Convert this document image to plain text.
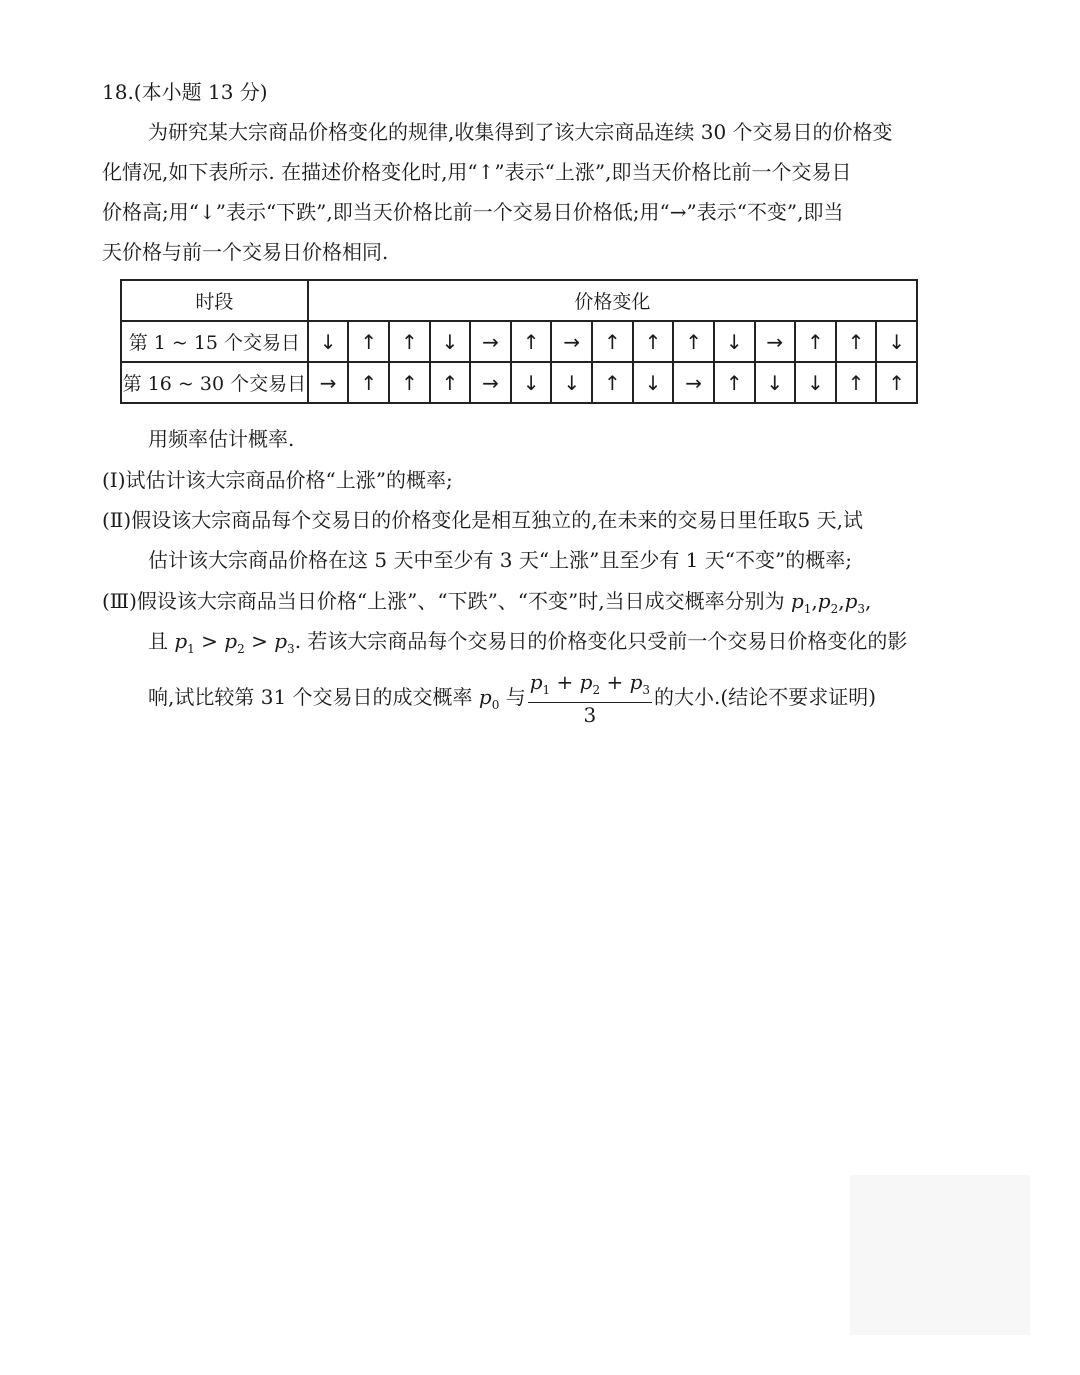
18.(本小题 13 分)
为研究某大宗商品价格变化的规律,收集得到了该大宗商品连续 30 个交易日的价格变
化情况,如下表所示. 在描述价格变化时,用“↑”表示“上涨”,即当天价格比前一个交易日
价格高;用“↓”表示“下跌”,即当天价格比前一个交易日价格低;用“→”表示“不变”,即当
天价格与前一个交易日价格相同.
时段	价格变化														
第 1 ~ 15 个交易日	↓	↑	↑	↓	→	↑	→	↑	↑	↑	↓	→	↑	↑	↓
第 16 ~ 30 个交易日	→	↑	↑	↑	→	↓	↓	↑	↓	→	↑	↓	↓	↑	↑
用频率估计概率.
(Ⅰ)试估计该大宗商品价格“上涨”的概率;
(Ⅱ)假设该大宗商品每个交易日的价格变化是相互独立的,在未来的交易日里任取5 天,试
估计该大宗商品价格在这 5 天中至少有 3 天“上涨”且至少有 1 天“不变”的概率;
(Ⅲ)假设该大宗商品当日价格“上涨”、“下跌”、“不变”时,当日成交概率分别为 $p_1,p_2,p_3$,
且 $p_1 > p_2 > p_3$. 若该大宗商品每个交易日的价格变化只受前一个交易日价格变化的影
响,试比较第 31 个交易日的成交概率 $p_0$ 与 $\frac{p_1 + p_2 + p_3}{3}$ 的大小.(结论不要求证明)
